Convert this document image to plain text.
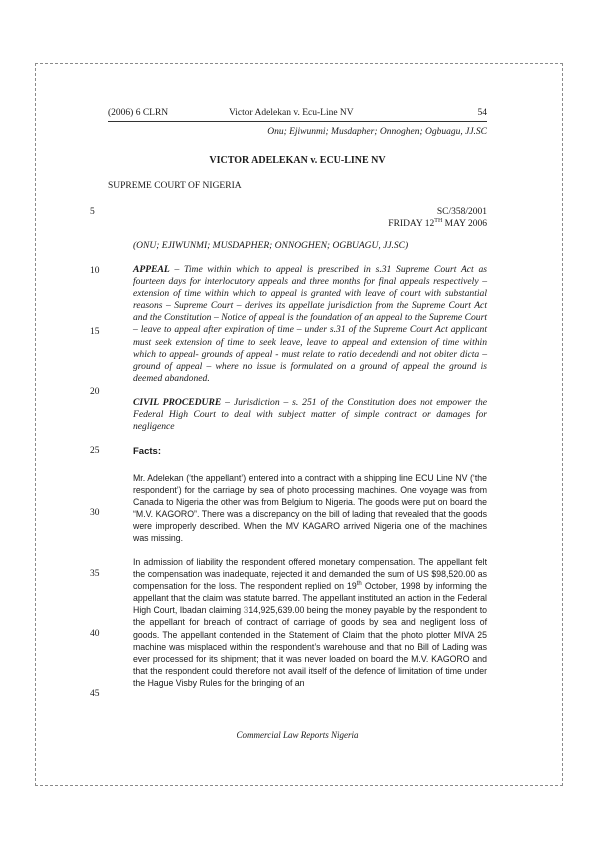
(2006) 6 CLRN	Victor Adelekan v. Ecu-Line NV	54
Onu; Ejiwunmi; Musdapher; Onnoghen; Ogbuagu, JJ.SC
VICTOR ADELEKAN v. ECU-LINE NV
SUPREME COURT OF NIGERIA
5	SC/358/2001
FRIDAY 12TH MAY 2006
(ONU; EJIWUNMI; MUSDAPHER; ONNOGHEN; OGBUAGU, JJ.SC)
10
15
20
25
30
35
40
45
APPEAL – Time within which to appeal is prescribed in s.31 Supreme Court Act as fourteen days for interlocutory appeals and three months for final appeals respectively – extension of time within which to appeal is granted with leave of court with substantial reasons – Supreme Court – derives its appellate jurisdiction from the Supreme Court Act and the Constitution – Notice of appeal is the foundation of an appeal to the Supreme Court – leave to appeal after expiration of time – under s.31 of the Supreme Court Act applicant must seek extension of time to seek leave, leave to appeal and extension of time within which to appeal- grounds of appeal - must relate to ratio decedendi and not obiter dicta – ground of appeal – where no issue is formulated on a ground of appeal the ground is deemed abandoned.
CIVIL PROCEDURE – Jurisdiction – s. 251 of the Constitution does not empower the Federal High Court to deal with subject matter of simple contract or damages for negligence
Facts:
Mr. Adelekan (‘the appellant’) entered into a contract with a shipping line ECU Line NV (‘the respondent’) for the carriage by sea of photo processing machines. One voyage was from Canada to Nigeria the other was from Belgium to Nigeria. The goods were put on board the “M.V. KAGORO”. There was a discrepancy on the bill of lading that revealed that the goods were improperly described. When the MV KAGARO arrived Nigeria one of the machines was missing.
In admission of liability the respondent offered monetary compensation. The appellant felt the compensation was inadequate, rejected it and demanded the sum of US $98,520.00 as compensation for the loss. The respondent replied on 19th October, 1998 by informing the appellant that the claim was statute barred. The appellant instituted an action in the Federal High Court, Ibadan claiming 314,925,639.00 being the money payable by the respondent to the appellant for breach of contract of carriage of goods by sea and negligent loss of goods. The appellant contended in the Statement of Claim that the photo plotter MIVA 25 machine was misplaced within the respondent’s warehouse and that no Bill of Lading was ever processed for its shipment; that it was never loaded on board the M.V. KAGORO and that the respondent could therefore not avail itself of the defence of limitation of time under the Hague Visby Rules for the bringing of an
Commercial Law Reports Nigeria
